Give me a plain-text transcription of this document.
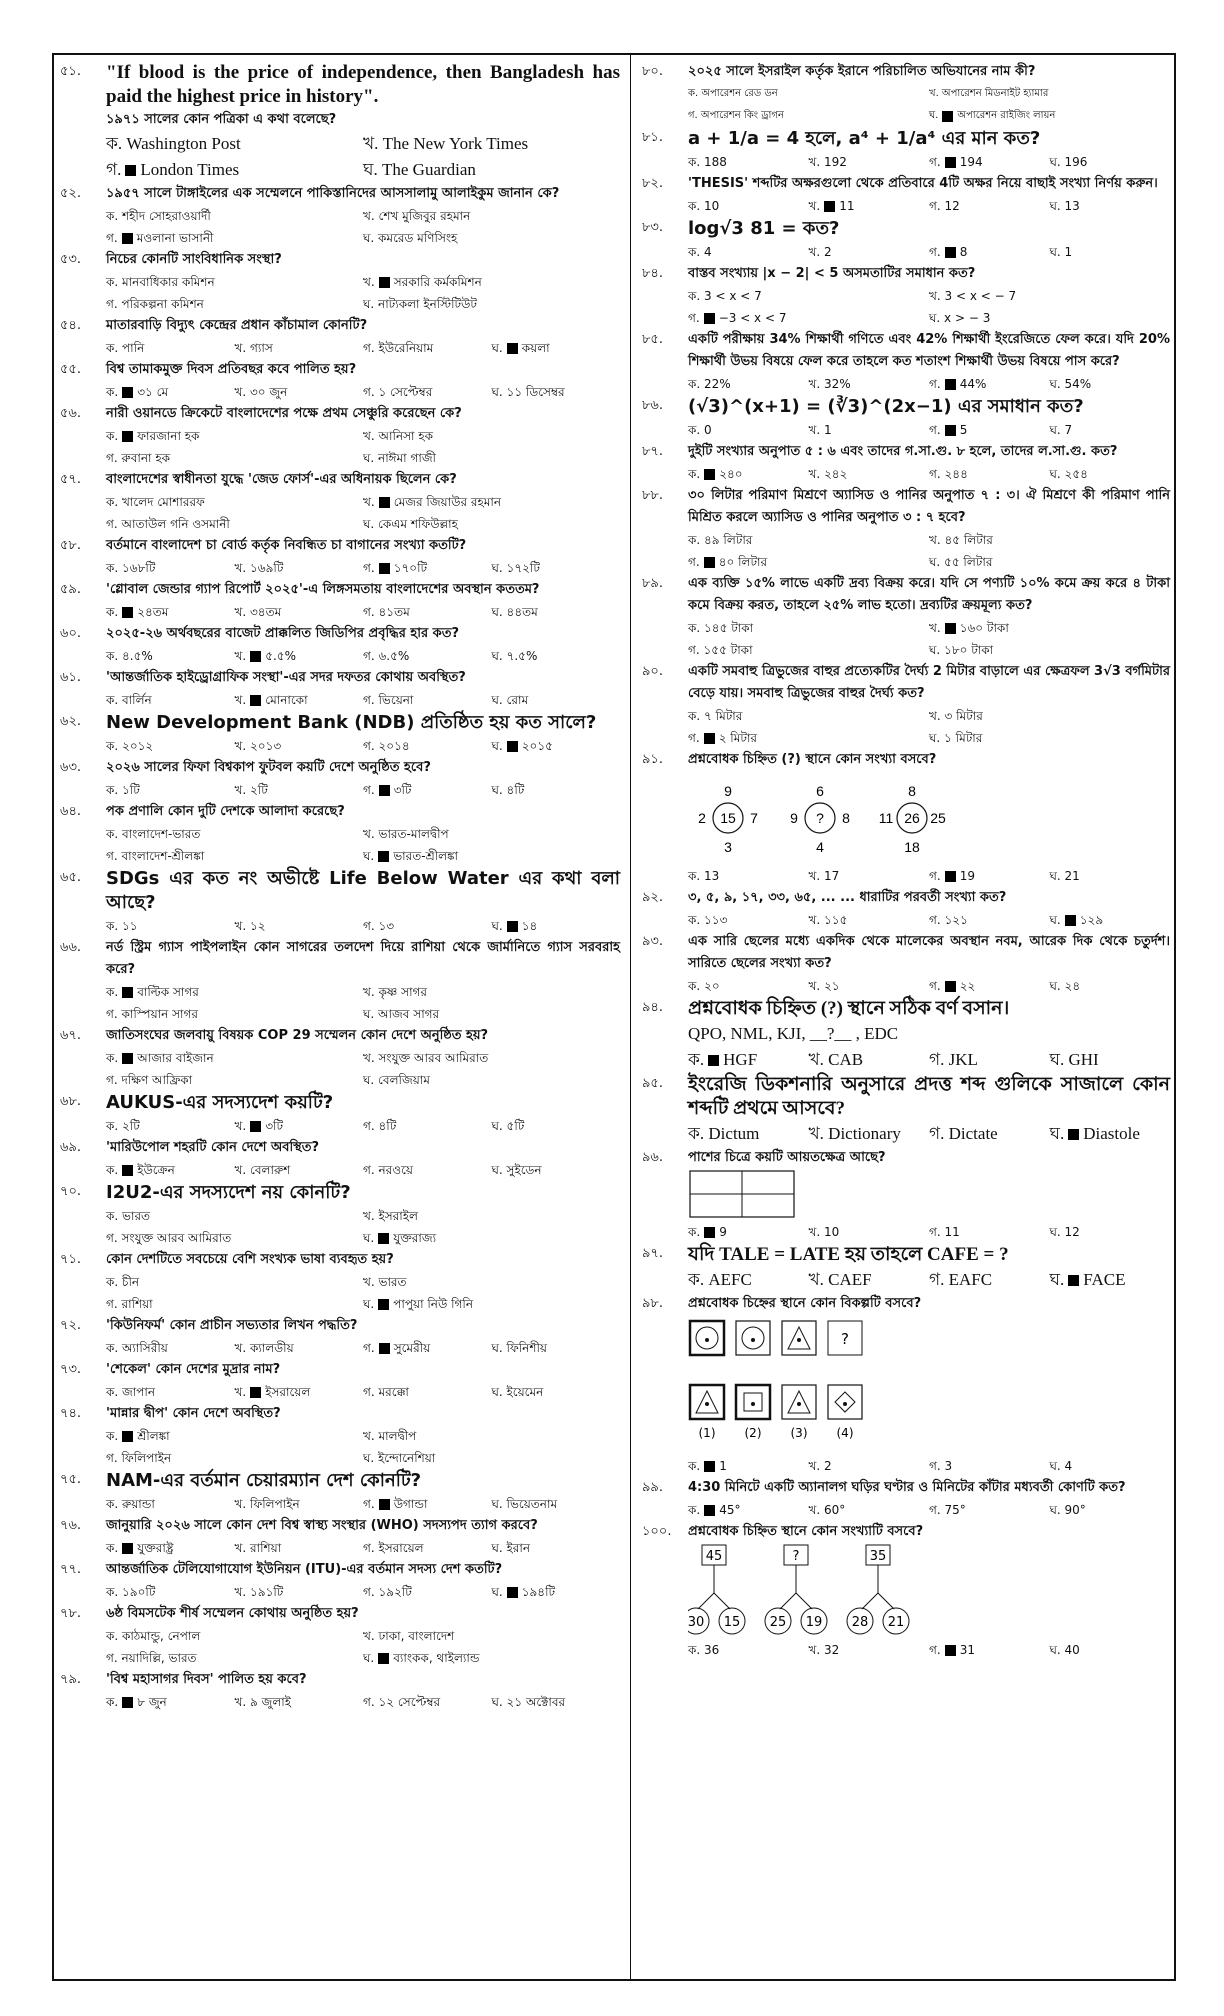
৫১.	"If blood is the price of independence, then Bangladesh has paid the highest price in history".
১৯৭১ সালের কোন পত্রিকা এ কথা বলেছে?
ক. Washington Post	খ. The New York Times
গ. London Times	ঘ. The Guardian
৫২.	১৯৫৭ সালে টাঙ্গাইলের এক সম্মেলনে পাকিস্তানিদের আসসালামু আলাইকুম জানান কে?
ক. শহীদ সোহরাওয়ার্দী	খ. শেখ মুজিবুর রহমান
গ. মওলানা ভাসানী	ঘ. কমরেড মণিসিংহ
৫৩.	নিচের কোনটি সাংবিধানিক সংস্থা?
ক. মানবাধিকার কমিশন	খ. সরকারি কর্মকমিশন
গ. পরিকল্পনা কমিশন	ঘ. নাট্যকলা ইনস্টিটিউট
৫৪.	মাতারবাড়ি বিদ্যুৎ কেন্দ্রের প্রধান কাঁচামাল কোনটি?
ক. পানি	খ. গ্যাস	গ. ইউরেনিয়াম	ঘ. কয়লা
৫৫.	বিশ্ব তামাকমুক্ত দিবস প্রতিবছর কবে পালিত হয়?
ক. ৩১ মে	খ. ৩০ জুন	গ. ১ সেপ্টেম্বর	ঘ. ১১ ডিসেম্বর
৫৬.	নারী ওয়ানডে ক্রিকেটে বাংলাদেশের পক্ষে প্রথম সেঞ্চুরি করেছেন কে?
ক. ফারজানা হক	খ. আনিসা হক
গ. রুবানা হক	ঘ. নাঈমা গাজী
৫৭.	বাংলাদেশের স্বাধীনতা যুদ্ধে 'জেড ফোর্স'-এর অধিনায়ক ছিলেন কে?
ক. খালেদ মোশাররফ	খ. মেজর জিয়াউর রহমান
গ. আতাউল গনি ওসমানী	ঘ. কেএম শফিউল্লাহ
৫৮.	বর্তমানে বাংলাদেশ চা বোর্ড কর্তৃক নিবন্ধিত চা বাগানের সংখ্যা কতটি?
ক. ১৬৮টি	খ. ১৬৯টি	গ. ১৭০টি	ঘ. ১৭২টি
৫৯.	'গ্লোবাল জেন্ডার গ্যাপ রিপোর্ট ২০২৫'-এ লিঙ্গসমতায় বাংলাদেশের অবস্থান কততম?
ক. ২৪তম	খ. ৩৪তম	গ. ৪১তম	ঘ. ৪৪তম
৬০.	২০২৫-২৬ অর্থবছরের বাজেট প্রাক্কলিত জিডিপির প্রবৃদ্ধির হার কত?
ক. ৪.৫%	খ. ৫.৫%	গ. ৬.৫%	ঘ. ৭.৫%
৬১.	'আন্তর্জাতিক হাইড্রোগ্রাফিক সংস্থা'-এর সদর দফতর কোথায় অবস্থিত?
ক. বার্লিন	খ. মোনাকো	গ. ভিয়েনা	ঘ. রোম
৬২.	New Development Bank (NDB) প্রতিষ্ঠিত হয় কত সালে?
ক. ২০১২	খ. ২০১৩	গ. ২০১৪	ঘ. ২০১৫
৬৩.	২০২৬ সালের ফিফা বিশ্বকাপ ফুটবল কয়টি দেশে অনুষ্ঠিত হবে?
ক. ১টি	খ. ২টি	গ. ৩টি	ঘ. ৪টি
৬৪.	পক প্রণালি কোন দুটি দেশকে আলাদা করেছে?
ক. বাংলাদেশ-ভারত	খ. ভারত-মালদ্বীপ
গ. বাংলাদেশ-শ্রীলঙ্কা	ঘ. ভারত-শ্রীলঙ্কা
৬৫.	SDGs এর কত নং অভীষ্টে Life Below Water এর কথা বলা আছে?
ক. ১১	খ. ১২	গ. ১৩	ঘ. ১৪
৬৬.	নর্ড স্ট্রিম গ্যাস পাইপলাইন কোন সাগরের তলদেশ দিয়ে রাশিয়া থেকে জার্মানিতে গ্যাস সরবরাহ করে?
ক. বাল্টিক সাগর	খ. কৃষ্ণ সাগর
গ. কাস্পিয়ান সাগর	ঘ. আজব সাগর
৬৭.	জাতিসংঘের জলবায়ু বিষয়ক COP 29 সম্মেলন কোন দেশে অনুষ্ঠিত হয়?
ক. আজার বাইজান	খ. সংযুক্ত আরব আমিরাত
গ. দক্ষিণ আফ্রিকা	ঘ. বেলজিয়াম
৬৮.	AUKUS-এর সদস্যদেশ কয়টি?
ক. ২টি	খ. ৩টি	গ. ৪টি	ঘ. ৫টি
৬৯.	'মারিউপোল শহরটি কোন দেশে অবস্থিত?
ক. ইউক্রেন	খ. বেলারুশ	গ. নরওয়ে	ঘ. সুইডেন
৭০.	I2U2-এর সদস্যদেশ নয় কোনটি?
ক. ভারত	খ. ইসরাইল
গ. সংযুক্ত আরব আমিরাত	ঘ. যুক্তরাজ্য
৭১.	কোন দেশটিতে সবচেয়ে বেশি সংখ্যক ভাষা ব্যবহৃত হয়?
ক. চীন	খ. ভারত
গ. রাশিয়া	ঘ. পাপুয়া নিউ গিনি
৭২.	'কিউনিফর্ম' কোন প্রাচীন সভ্যতার লিখন পদ্ধতি?
ক. অ্যাসিরীয়	খ. ক্যালডীয়	গ. সুমেরীয়	ঘ. ফিনিশীয়
৭৩.	'শেকেল' কোন দেশের মুদ্রার নাম?
ক. জাপান	খ. ইসরায়েল	গ. মরক্কো	ঘ. ইয়েমেন
৭৪.	'মান্নার দ্বীপ' কোন দেশে অবস্থিত?
ক. শ্রীলঙ্কা	খ. মালদ্বীপ
গ. ফিলিপাইন	ঘ. ইন্দোনেশিয়া
৭৫.	NAM-এর বর্তমান চেয়ারম্যান দেশ কোনটি?
ক. রুয়ান্ডা	খ. ফিলিপাইন	গ. উগান্ডা	ঘ. ভিয়েতনাম
৭৬.	জানুয়ারি ২০২৬ সালে কোন দেশ বিশ্ব স্বাস্থ্য সংস্থার (WHO) সদস্যপদ ত্যাগ করবে?
ক. যুক্তরাষ্ট্র	খ. রাশিয়া	গ. ইসরায়েল	ঘ. ইরান
৭৭.	আন্তর্জাতিক টেলিযোগাযোগ ইউনিয়ন (ITU)-এর বর্তমান সদস্য দেশ কতটি?
ক. ১৯০টি	খ. ১৯১টি	গ. ১৯২টি	ঘ. ১৯৪টি
৭৮.	৬ষ্ঠ বিমসটেক শীর্ষ সম্মেলন কোথায় অনুষ্ঠিত হয়?
ক. কাঠমান্ডু, নেপাল	খ. ঢাকা, বাংলাদেশ
গ. নয়াদিল্লি, ভারত	ঘ. ব্যাংকক, থাইল্যান্ড
৭৯.	'বিশ্ব মহাসাগর দিবস' পালিত হয় কবে?
ক. ৮ জুন	খ. ৯ জুলাই	গ. ১২ সেপ্টেম্বর	ঘ. ২১ অক্টোবর
৮০.	২০২৫ সালে ইসরাইল কর্তৃক ইরানে পরিচালিত অভিযানের নাম কী?
ক. অপারেশন রেড ডন	খ. অপারেশন মিডনাইট হ্যামার
গ. অপারেশন কিং ড্রাগন	ঘ. অপারেশন রাইজিং লায়ন
৮১.	a + 1/a = 4 হলে, a⁴ + 1/a⁴ এর মান কত?
ক. 188	খ. 192	গ. 194	ঘ. 196
৮২.	'THESIS' শব্দটির অক্ষরগুলো থেকে প্রতিবারে 4টি অক্ষর নিয়ে বাছাই সংখ্যা নির্ণয় করুন।
ক. 10	খ. 11	গ. 12	ঘ. 13
৮৩.	log√3 81 = কত?
ক. 4	খ. 2	গ. 8	ঘ. 1
৮৪.	বাস্তব সংখ্যায় |x − 2| < 5 অসমতাটির সমাধান কত?
ক. 3 < x < 7	খ. 3 < x < − 7
গ. −3 < x < 7	ঘ. x > − 3
৮৫.	একটি পরীক্ষায় 34% শিক্ষার্থী গণিতে এবং 42% শিক্ষার্থী ইংরেজিতে ফেল করে। যদি 20% শিক্ষার্থী উভয় বিষয়ে ফেল করে তাহলে কত শতাংশ শিক্ষার্থী উভয় বিষয়ে পাস করে?
ক. 22%	খ. 32%	গ. 44%	ঘ. 54%
৮৬.	(√3)^(x+1) = (∛3)^(2x−1) এর সমাধান কত?
ক. 0	খ. 1	গ. 5	ঘ. 7
৮৭.	দুইটি সংখ্যার অনুপাত ৫ : ৬ এবং তাদের গ.সা.গু. ৮ হলে, তাদের ল.সা.গু. কত?
ক. ২৪০	খ. ২৪২	গ. ২৪৪	ঘ. ২৫৪
৮৮.	৩০ লিটার পরিমাণ মিশ্রণে অ্যাসিড ও পানির অনুপাত ৭ : ৩। ঐ মিশ্রণে কী পরিমাণ পানি মিশ্রিত করলে অ্যাসিড ও পানির অনুপাত ৩ : ৭ হবে?
ক. ৪৯ লিটার	খ. ৪৫ লিটার
গ. ৪০ লিটার	ঘ. ৫৫ লিটার
৮৯.	এক ব্যক্তি ১৫% লাভে একটি দ্রব্য বিক্রয় করে। যদি সে পণ্যটি ১০% কমে ক্রয় করে ৪ টাকা কমে বিক্রয় করত, তাহলে ২৫% লাভ হতো। দ্রব্যটির ক্রয়মূল্য কত?
ক. ১৪৫ টাকা	খ. ১৬০ টাকা
গ. ১৫৫ টাকা	ঘ. ১৮০ টাকা
৯০.	একটি সমবাহু ত্রিভুজের বাহুর প্রত্যেকটির দৈর্ঘ্য 2 মিটার বাড়ালে এর ক্ষেত্রফল 3√3 বর্গমিটার বেড়ে যায়। সমবাহু ত্রিভুজের বাহুর দৈর্ঘ্য কত?
ক. ৭ মিটার	খ. ৩ মিটার
গ. ২ মিটার	ঘ. ১ মিটার
৯১.	প্রশ্নবোধক চিহ্নিত (?) স্থানে কোন সংখ্যা বসবে?
9
2 15 7
3
6
9 ? 8
4
8
11 26 25
18
ক. 13	খ. 17	গ. 19	ঘ. 21
৯২.	৩, ৫, ৯, ১৭, ৩৩, ৬৫, ... ... ধারাটির পরবর্তী সংখ্যা কত?
ক. ১১৩	খ. ১১৫	গ. ১২১	ঘ. ১২৯
৯৩.	এক সারি ছেলের মধ্যে একদিক থেকে মালেকের অবস্থান নবম, আরেক দিক থেকে চতুর্দশ। সারিতে ছেলের সংখ্যা কত?
ক. ২০	খ. ২১	গ. ২২	ঘ. ২৪
৯৪.	প্রশ্নবোধক চিহ্নিত (?) স্থানে সঠিক বর্ণ বসান।
QPO, NML, KJI, __?__ , EDC
ক. HGF	খ. CAB	গ. JKL	ঘ. GHI
৯৫.	ইংরেজি ডিকশনারি অনুসারে প্রদত্ত শব্দ গুলিকে সাজালে কোন শব্দটি প্রথমে আসবে?
ক. Dictum	খ. Dictionary গ. Dictate	ঘ. Diastole
৯৬.	পাশের চিত্রে কয়টি আয়তক্ষেত্র আছে?
ক. 9	খ. 10	গ. 11	ঘ. 12
৯৭.	যদি TALE = LATE হয় তাহলে CAFE = ?
ক. AEFC	খ. CAEF	গ. EAFC	ঘ. FACE
৯৮.	প্রশ্নবোধক চিহ্নের স্থানে কোন বিকল্পটি বসবে?
?
(1) (2) (3) (4)
ক. 1	খ. 2	গ. 3	ঘ. 4
৯৯.	4:30 মিনিটে একটি অ্যানালগ ঘড়ির ঘণ্টার ও মিনিটের কাঁটার মধ্যবর্তী কোণটি কত?
ক. 45°	খ. 60°	গ. 75°	ঘ. 90°
১০০.	প্রশ্নবোধক চিহ্নিত স্থানে কোন সংখ্যাটি বসবে?
45
30 15
?
25 19
35
28 21
ক. 36	খ. 32	গ. 31	ঘ. 40
